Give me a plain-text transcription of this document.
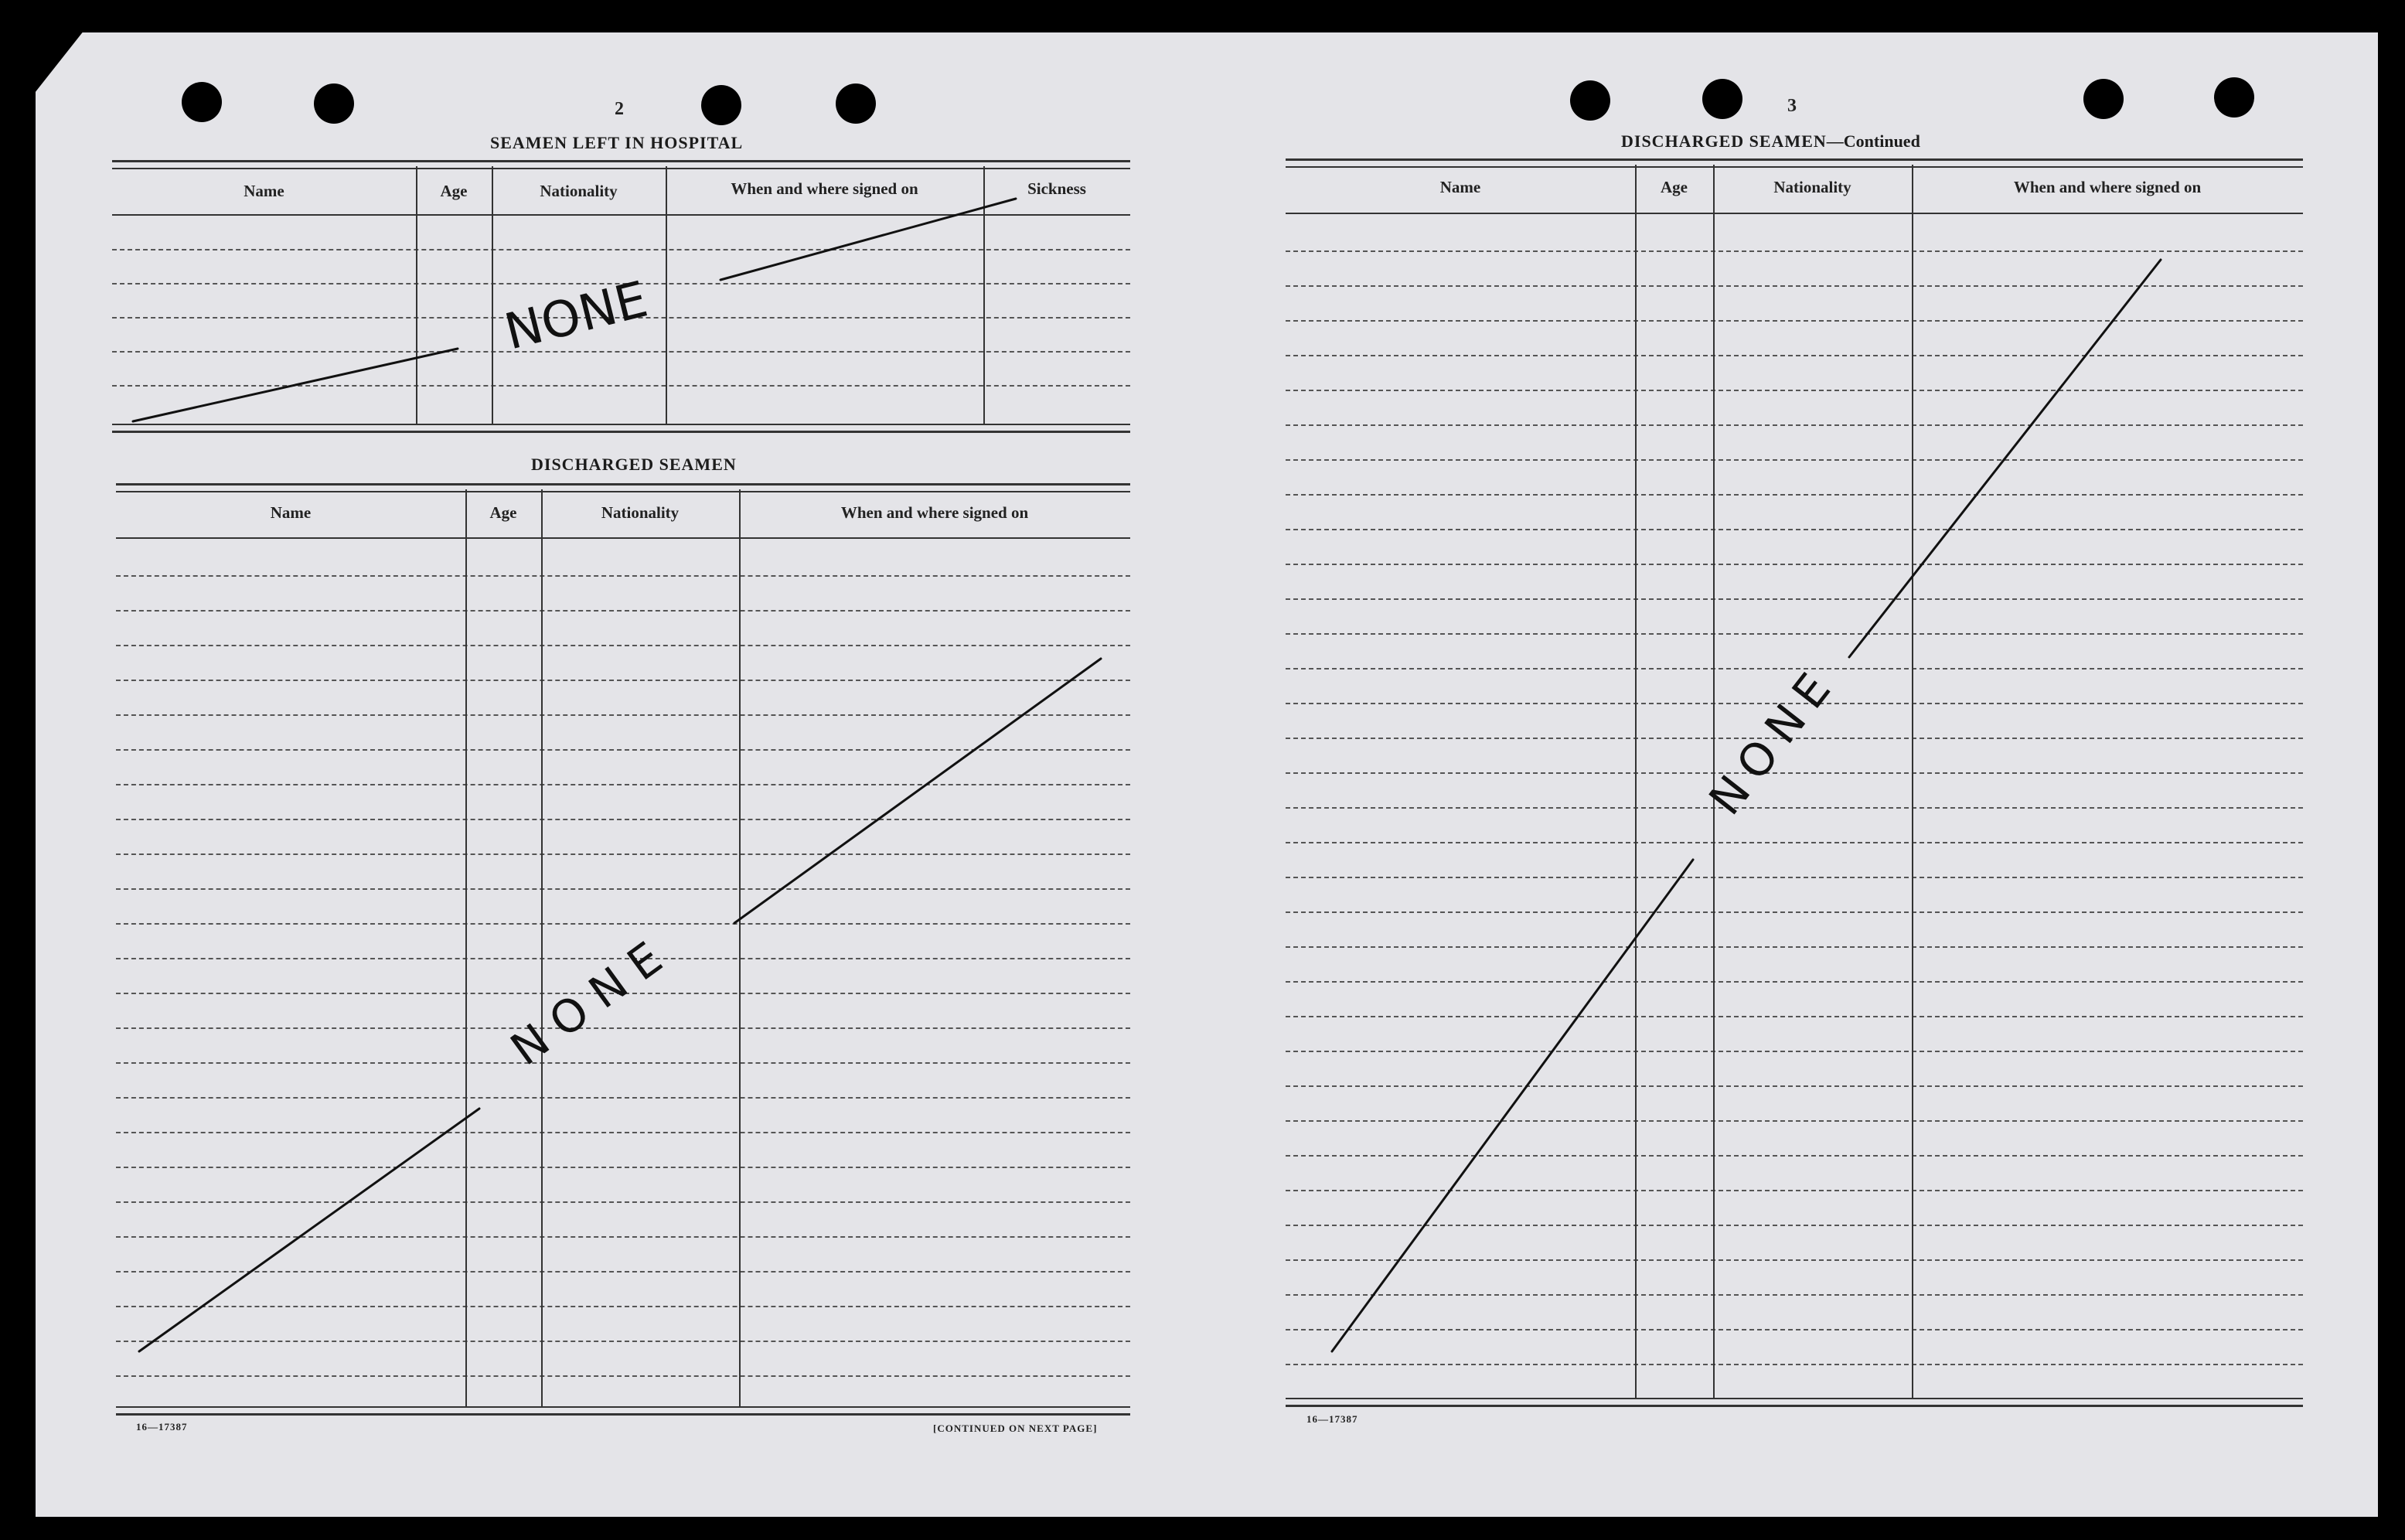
2
SEAMEN LEFT IN HOSPITAL
Name	Age	Nationality	When and where signed on	Sickness
DISCHARGED SEAMEN
Name	Age	Nationality	When and where signed on
16—17387	[CONTINUED ON NEXT PAGE]
3
DISCHARGED SEAMEN—Continued
Name	Age	Nationality	When and where signed on
16—17387
NONE
NONE
NONE
